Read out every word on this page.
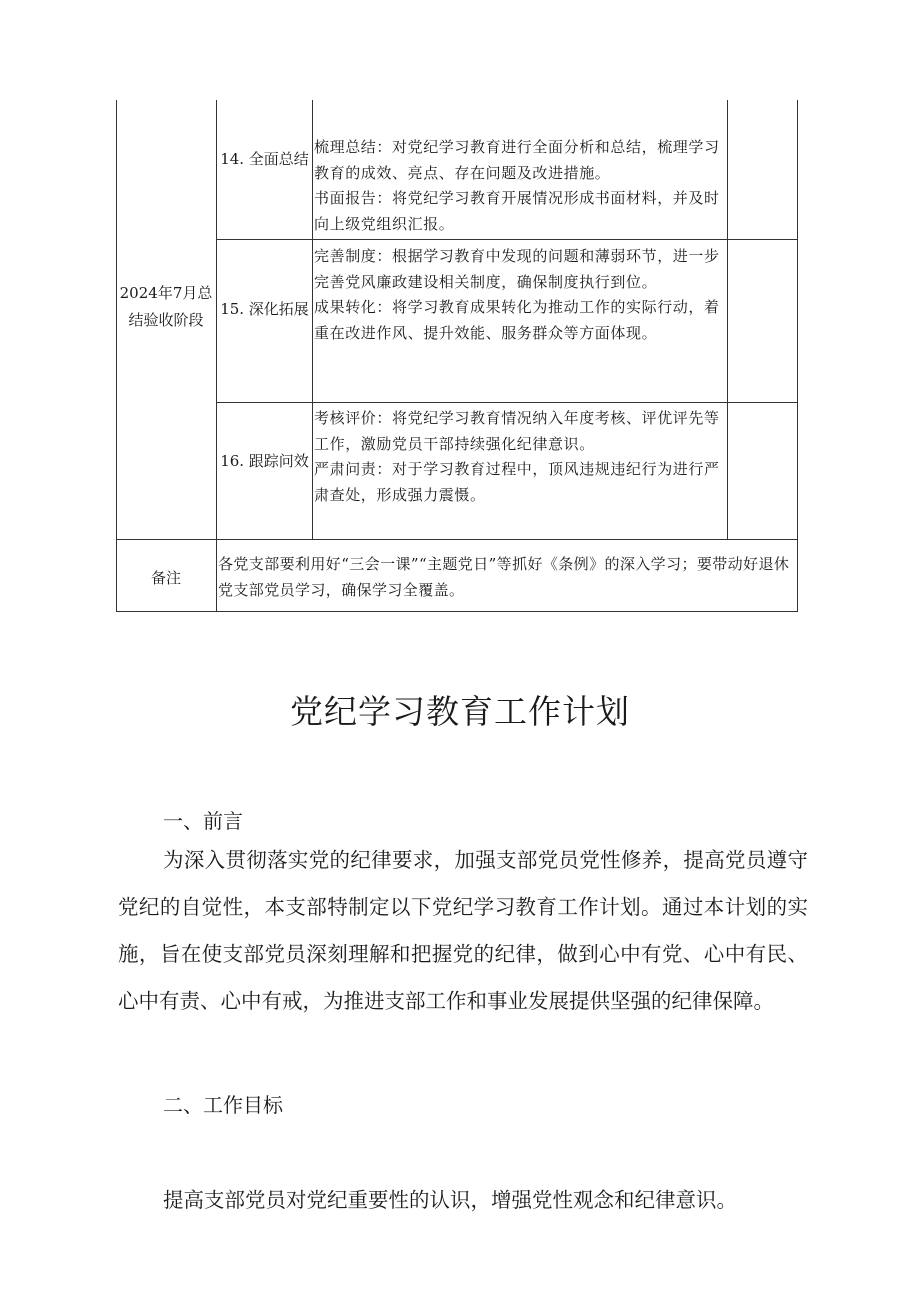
2024年7月总结验收阶段
14. 全面总结

梳理总结：对党纪学习教育进行全面分析和总结，梳理学习教育的成效、亮点、存在问题及改进措施。

书面报告：将党纪学习教育开展情况形成书面材料，并及时向上级党组织汇报。

15. 深化拓展

完善制度：根据学习教育中发现的问题和薄弱环节，进一步完善党风廉政建设相关制度，确保制度执行到位。

成果转化：将学习教育成果转化为推动工作的实际行动，着重在改进作风、提升效能、服务群众等方面体现。

16. 跟踪问效

考核评价：将党纪学习教育情况纳入年度考核、评优评先等工作，激励党员干部持续强化纪律意识。

严肃问责：对于学习教育过程中，顶风违规违纪行为进行严肃查处，形成强力震慑。

备注
各党支部要利用好“三会一课”“主题党日”等抓好《条例》的深入学习；要带动好退休党支部党员学习，确保学习全覆盖。
党纪学习教育工作计划
一、前言

为深入贯彻落实党的纪律要求，加强支部党员党性修养，提高党员遵守党纪的自觉性，本支部特制定以下党纪学习教育工作计划。通过本计划的实施，旨在使支部党员深刻理解和把握党的纪律，做到心中有党、心中有民、心中有责、心中有戒，为推进支部工作和事业发展提供坚强的纪律保障。

二、工作目标

提高支部党员对党纪重要性的认识，增强党性观念和纪律意识。
